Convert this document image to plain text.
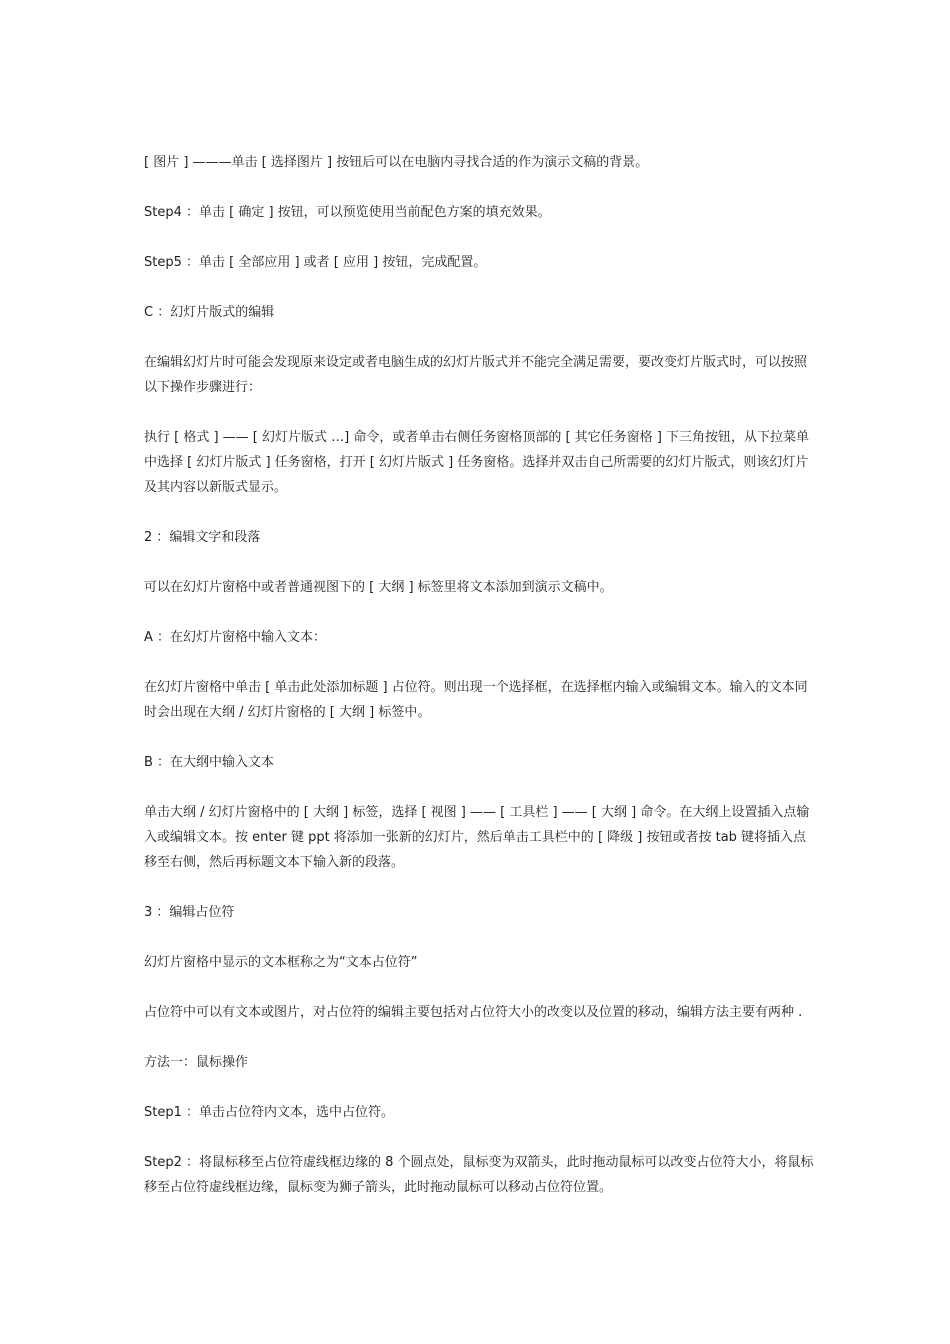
[ 图片 ] ———单击 [ 选择图片 ] 按钮后可以在电脑内寻找合适的作为演示文稿的背景。

Step4 ：单击 [ 确定 ] 按钮，可以预览使用当前配色方案的填充效果。

Step5 ：单击 [ 全部应用 ] 或者 [ 应用 ] 按钮，完成配置。

C ：幻灯片版式的编辑

在编辑幻灯片时可能会发现原来设定或者电脑生成的幻灯片版式并不能完全满足需要，要改变灯片版式时，可以按照以下操作步骤进行：

执行 [ 格式 ] —— [ 幻灯片版式 …] 命令，或者单击右侧任务窗格顶部的 [ 其它任务窗格 ] 下三角按钮，从下拉菜单中选择 [ 幻灯片版式 ] 任务窗格，打开 [ 幻灯片版式 ] 任务窗格。选择并双击自己所需要的幻灯片版式，则该幻灯片及其内容以新版式显示。

2 ：编辑文字和段落

可以在幻灯片窗格中或者普通视图下的 [ 大纲 ] 标签里将文本添加到演示文稿中。

A ：在幻灯片窗格中输入文本：

在幻灯片窗格中单击 [ 单击此处添加标题 ] 占位符。则出现一个选择框，在选择框内输入或编辑文本。输入的文本同时会出现在大纲 / 幻灯片窗格的 [ 大纲 ] 标签中。

B ：在大纲中输入文本

单击大纲 / 幻灯片窗格中的 [ 大纲 ] 标签，选择 [ 视图 ] —— [ 工具栏 ] —— [ 大纲 ] 命令。在大纲上设置插入点输入或编辑文本。按 enter 键 ppt 将添加一张新的幻灯片，然后单击工具栏中的 [ 降级 ] 按钮或者按 tab 键将插入点移至右侧，然后再标题文本下输入新的段落。

3 ：编辑占位符

幻灯片窗格中显示的文本框称之为“文本占位符”

占位符中可以有文本或图片，对占位符的编辑主要包括对占位符大小的改变以及位置的移动，编辑方法主要有两种 .

方法一：鼠标操作

Step1 ：单击占位符内文本，选中占位符。

Step2 ：将鼠标移至占位符虚线框边缘的 8 个圆点处，鼠标变为双箭头，此时拖动鼠标可以改变占位符大小，将鼠标移至占位符虚线框边缘，鼠标变为狮子箭头，此时拖动鼠标可以移动占位符位置。
